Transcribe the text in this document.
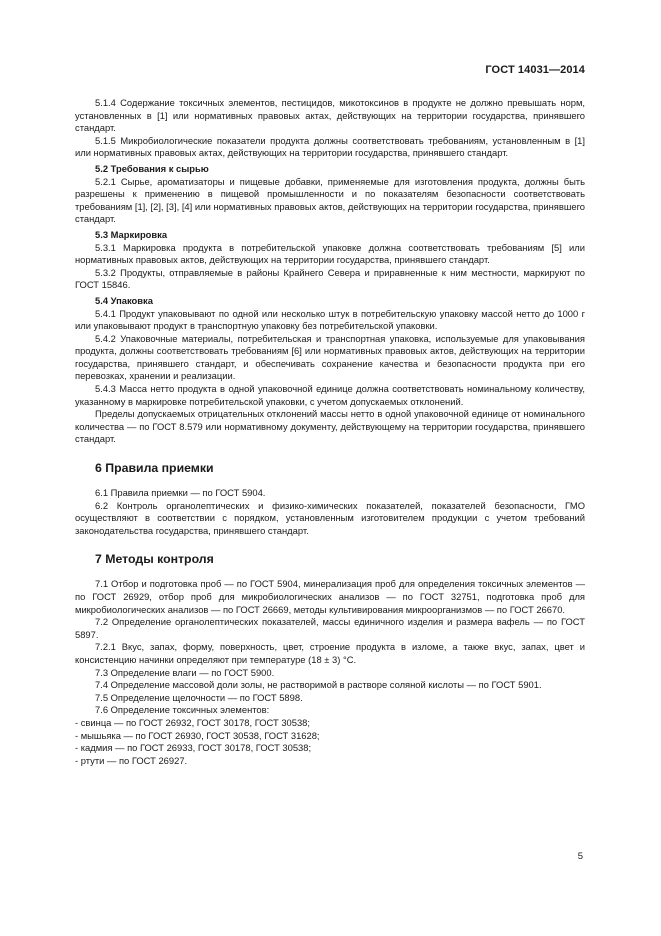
ГОСТ 14031—2014

5.1.4 Содержание токсичных элементов, пестицидов, микотоксинов в продукте не должно превышать норм, установленных в [1] или нормативных правовых актах, действующих на территории государства, принявшего стандарт.

5.1.5 Микробиологические показатели продукта должны соответствовать требованиям, установленным в [1] или нормативных правовых актах, действующих на территории государства, принявшего стандарт.

5.2 Требования к сырью

5.2.1 Сырье, ароматизаторы и пищевые добавки, применяемые для изготовления продукта, должны быть разрешены к применению в пищевой промышленности и по показателям безопасности соответствовать требованиям [1], [2], [3], [4] или нормативных правовых актов, действующих на территории государства, принявшего стандарт.

5.3 Маркировка

5.3.1 Маркировка продукта в потребительской упаковке должна соответствовать требованиям [5] или нормативных правовых актов, действующих на территории государства, принявшего стандарт.

5.3.2 Продукты, отправляемые в районы Крайнего Севера и приравненные к ним местности, маркируют по ГОСТ 15846.

5.4 Упаковка

5.4.1 Продукт упаковывают по одной или несколько штук в потребительскую упаковку массой нетто до 1000 г или упаковывают продукт в транспортную упаковку без потребительской упаковки.

5.4.2 Упаковочные материалы, потребительская и транспортная упаковка, используемые для упаковывания продукта, должны соответствовать требованиям [6] или нормативных правовых актов, действующих на территории государства, принявшего стандарт, и обеспечивать сохранение качества и безопасности продукта при его перевозках, хранении и реализации.

5.4.3 Масса нетто продукта в одной упаковочной единице должна соответствовать номинальному количеству, указанному в маркировке потребительской упаковки, с учетом допускаемых отклонений.

Пределы допускаемых отрицательных отклонений массы нетто в одной упаковочной единице от номинального количества — по ГОСТ 8.579 или нормативному документу, действующему на территории государства, принявшего стандарт.

6 Правила приемки

6.1 Правила приемки — по ГОСТ 5904.

6.2 Контроль органолептических и физико-химических показателей, показателей безопасности, ГМО осуществляют в соответствии с порядком, установленным изготовителем продукции с учетом требований законодательства государства, принявшего стандарт.

7 Методы контроля

7.1 Отбор и подготовка проб — по ГОСТ 5904, минерализация проб для определения токсичных элементов — по ГОСТ 26929, отбор проб для микробиологических анализов — по ГОСТ 32751, подготовка проб для микробиологических анализов — по ГОСТ 26669, методы культивирования микроорганизмов — по ГОСТ 26670.

7.2 Определение органолептических показателей, массы единичного изделия и размера вафель — по ГОСТ 5897.

7.2.1 Вкус, запах, форму, поверхность, цвет, строение продукта в изломе, а также вкус, запах, цвет и консистенцию начинки определяют при температуре (18 ± 3) °С.

7.3 Определение влаги — по ГОСТ 5900.

7.4 Определение массовой доли золы, не растворимой в растворе соляной кислоты — по ГОСТ 5901.

7.5 Определение щелочности — по ГОСТ 5898.

7.6 Определение токсичных элементов:

- свинца — по ГОСТ 26932, ГОСТ 30178, ГОСТ 30538;
- мышьяка — по ГОСТ 26930, ГОСТ 30538, ГОСТ 31628;
- кадмия — по ГОСТ 26933, ГОСТ 30178, ГОСТ 30538;
- ртути — по ГОСТ 26927.
5
